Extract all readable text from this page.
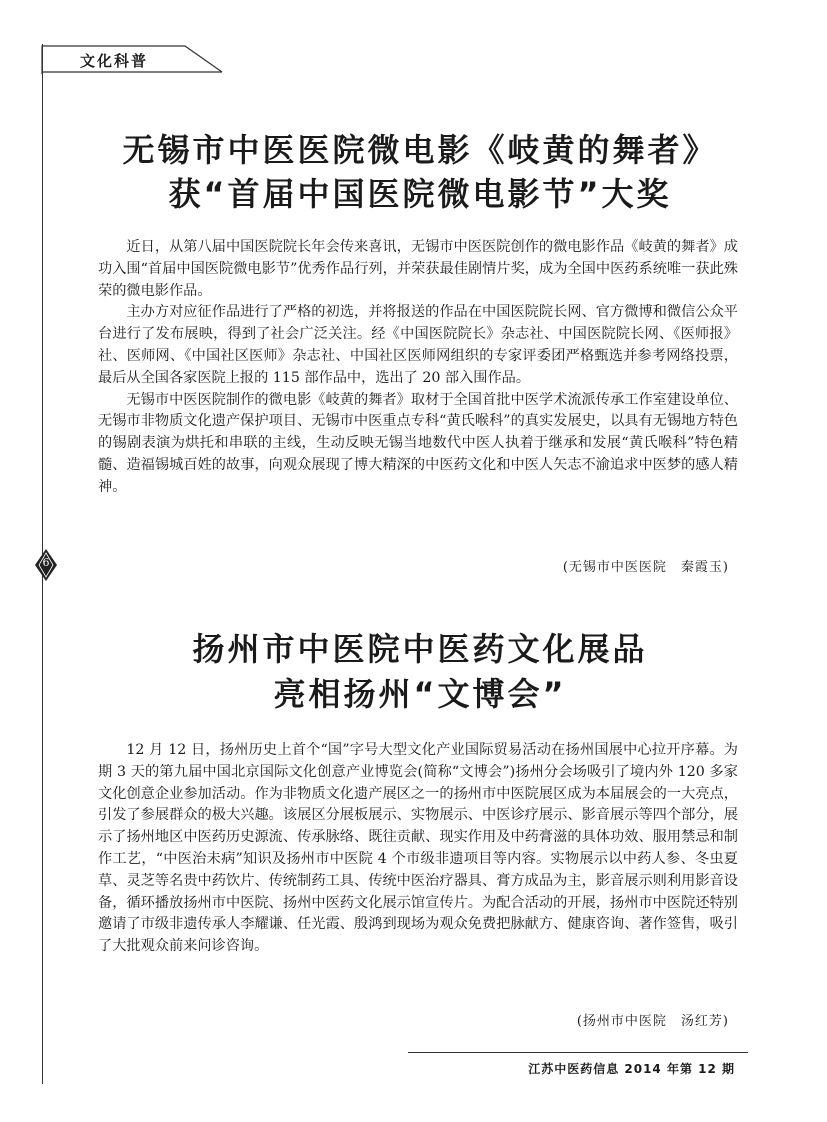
文化科普
6
无锡市中医医院微电影《岐黄的舞者》
获“首届中国医院微电影节”大奖

近日，从第八届中国医院院长年会传来喜讯，无锡市中医医院创作的微电影作品《岐黄的舞者》成功入围“首届中国医院微电影节”优秀作品行列，并荣获最佳剧情片奖，成为全国中医药系统唯一获此殊荣的微电影作品。

主办方对应征作品进行了严格的初选，并将报送的作品在中国医院院长网、官方微博和微信公众平台进行了发布展映，得到了社会广泛关注。经《中国医院院长》杂志社、中国医院院长网、《医师报》社、医师网、《中国社区医师》杂志社、中国社区医师网组织的专家评委团严格甄选并参考网络投票，最后从全国各家医院上报的 115 部作品中，选出了 20 部入围作品。

无锡市中医医院制作的微电影《岐黄的舞者》取材于全国首批中医学术流派传承工作室建设单位、无锡市非物质文化遗产保护项目、无锡市中医重点专科“黄氏喉科”的真实发展史，以具有无锡地方特色的锡剧表演为烘托和串联的主线，生动反映无锡当地数代中医人执着于继承和发展“黄氏喉科”特色精髓、造福锡城百姓的故事，向观众展现了博大精深的中医药文化和中医人矢志不渝追求中医梦的感人精神。

(无锡市中医医院　秦霞玉)
扬州市中医院中医药文化展品
亮相扬州“文博会”

12 月 12 日，扬州历史上首个“国”字号大型文化产业国际贸易活动在扬州国展中心拉开序幕。为期 3 天的第九届中国北京国际文化创意产业博览会(简称“文博会”)扬州分会场吸引了境内外 120 多家文化创意企业参加活动。作为非物质文化遗产展区之一的扬州市中医院展区成为本届展会的一大亮点，引发了参展群众的极大兴趣。该展区分展板展示、实物展示、中医诊疗展示、影音展示等四个部分，展示了扬州地区中医药历史源流、传承脉络、既往贡献、现实作用及中药膏滋的具体功效、服用禁忌和制作工艺，“中医治未病”知识及扬州市中医院 4 个市级非遗项目等内容。实物展示以中药人参、冬虫夏草、灵芝等名贵中药饮片、传统制药工具、传统中医治疗器具、膏方成品为主，影音展示则利用影音设备，循环播放扬州市中医院、扬州中医药文化展示馆宣传片。为配合活动的开展，扬州市中医院还特别邀请了市级非遗传承人李耀谦、任光霞、殷鸿到现场为观众免费把脉献方、健康咨询、著作签售，吸引了大批观众前来问诊咨询。

(扬州市中医院　汤红芳)
江苏中医药信息 2014 年第 12 期
